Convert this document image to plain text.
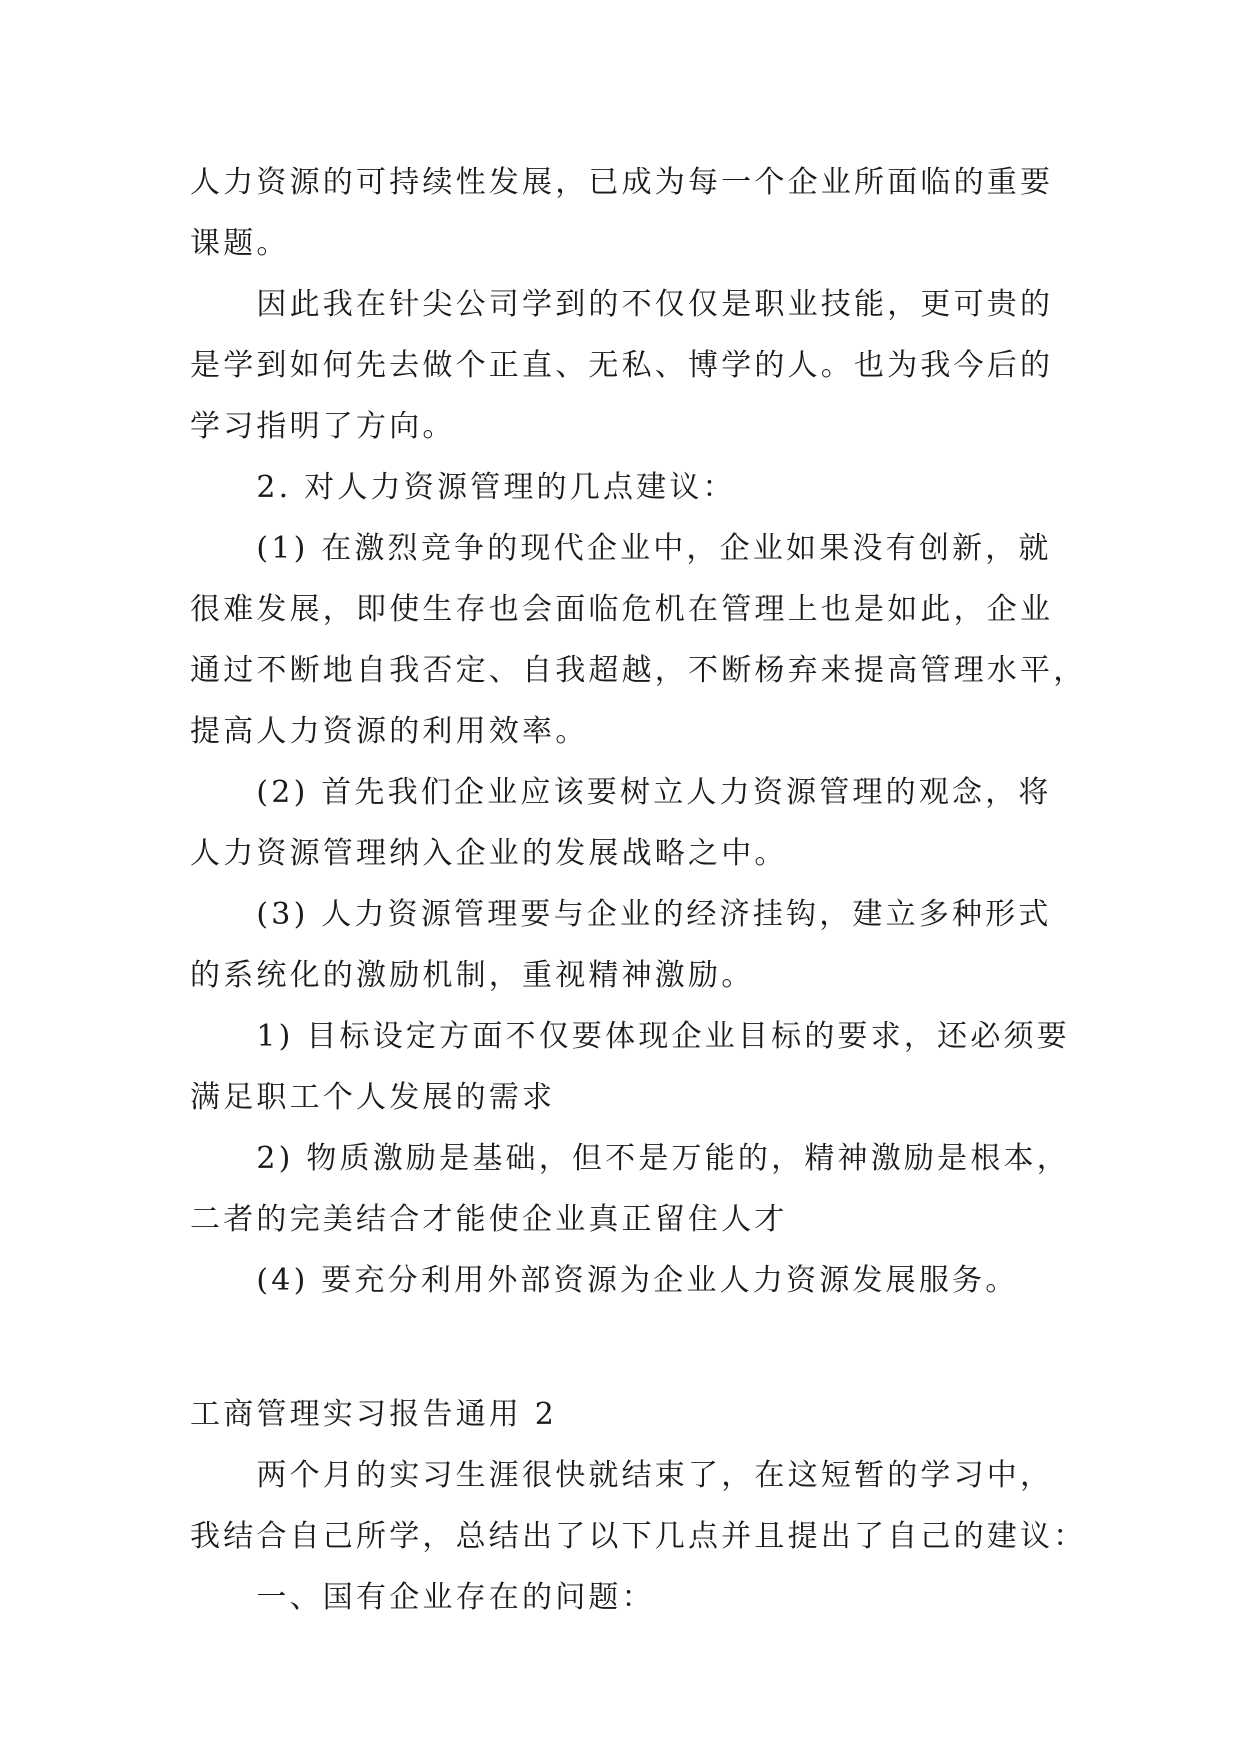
人力资源的可持续性发展，已成为每一个企业所面临的重要
课题。
　　因此我在针尖公司学到的不仅仅是职业技能，更可贵的
是学到如何先去做个正直、无私、博学的人。也为我今后的
学习指明了方向。
　　2. 对人力资源管理的几点建议：
　　(1) 在激烈竞争的现代企业中，企业如果没有创新，就
很难发展，即使生存也会面临危机在管理上也是如此，企业
通过不断地自我否定、自我超越，不断杨弃来提高管理水平，
提高人力资源的利用效率。
　　(2) 首先我们企业应该要树立人力资源管理的观念，将
人力资源管理纳入企业的发展战略之中。
　　(3) 人力资源管理要与企业的经济挂钩，建立多种形式
的系统化的激励机制，重视精神激励。
　　1) 目标设定方面不仅要体现企业目标的要求，还必须要
满足职工个人发展的需求
　　2) 物质激励是基础，但不是万能的，精神激励是根本，
二者的完美结合才能使企业真正留住人才
　　(4) 要充分利用外部资源为企业人力资源发展服务。
工商管理实习报告通用 2
　　两个月的实习生涯很快就结束了，在这短暂的学习中，
我结合自己所学，总结出了以下几点并且提出了自己的建议：
　　一、国有企业存在的问题：
